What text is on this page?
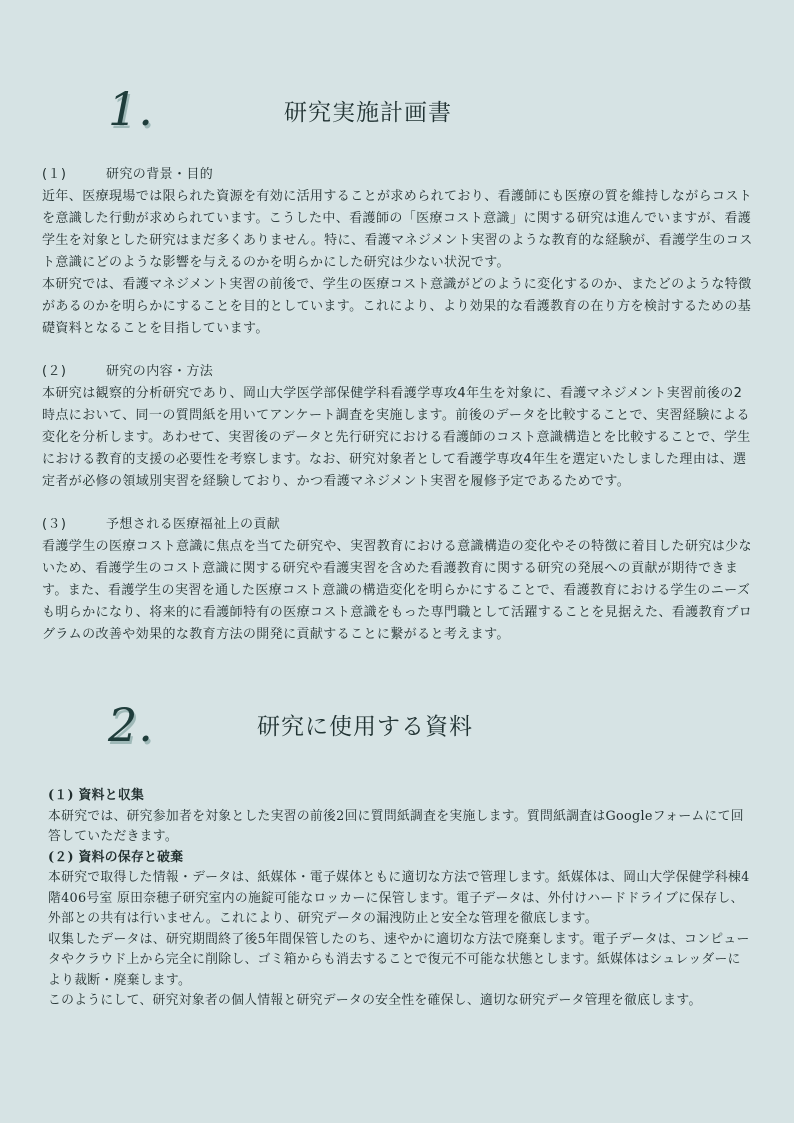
1.	研究実施計画書
(１)	研究の背景・目的

近年、医療現場では限られた資源を有効に活用することが求められており、看護師にも医療の質を維持しながらコストを意識した行動が求められています。こうした中、看護師の「医療コスト意識」に関する研究は進んでいますが、看護学生を対象とした研究はまだ多くありません。特に、看護マネジメント実習のような教育的な経験が、看護学生のコスト意識にどのような影響を与えるのかを明らかにした研究は少ない状況です。

本研究では、看護マネジメント実習の前後で、学生の医療コスト意識がどのように変化するのか、またどのような特徴があるのかを明らかにすることを目的としています。これにより、より効果的な看護教育の在り方を検討するための基礎資料となることを目指しています。

(２)	研究の内容・方法

本研究は観察的分析研究であり、岡山大学医学部保健学科看護学専攻4年生を対象に、看護マネジメント実習前後の2時点において、同一の質問紙を用いてアンケート調査を実施します。前後のデータを比較することで、実習経験による変化を分析します。あわせて、実習後のデータと先行研究における看護師のコスト意識構造とを比較することで、学生における教育的支援の必要性を考察します。なお、研究対象者として看護学専攻4年生を選定いたしました理由は、選定者が必修の領域別実習を経験しており、かつ看護マネジメント実習を履修予定であるためです。

(３)	予想される医療福祉上の貢献

看護学生の医療コスト意識に焦点を当てた研究や、実習教育における意識構造の変化やその特徴に着目した研究は少ないため、看護学生のコスト意識に関する研究や看護実習を含めた看護教育に関する研究の発展への貢献が期待できます。また、看護学生の実習を通した医療コスト意識の構造変化を明らかにすることで、看護教育における学生のニーズも明らかになり、将来的に看護師特有の医療コスト意識をもった専門職として活躍することを見据えた、看護教育プログラムの改善や効果的な教育方法の開発に貢献することに繋がると考えます。

2.	研究に使用する資料

(１) 資料と収集

本研究では、研究参加者を対象とした実習の前後2回に質問紙調査を実施します。質問紙調査はGoogleフォームにて回答していただきます。

(２) 資料の保存と破棄

本研究で取得した情報・データは、紙媒体・電子媒体ともに適切な方法で管理します。紙媒体は、岡山大学保健学科棟4階406号室 原田奈穂子研究室内の施錠可能なロッカーに保管します。電子データは、外付けハードドライブに保存し、外部との共有は行いません。これにより、研究データの漏洩防止と安全な管理を徹底します。

収集したデータは、研究期間終了後5年間保管したのち、速やかに適切な方法で廃棄します。電子データは、コンピュータやクラウド上から完全に削除し、ゴミ箱からも消去することで復元不可能な状態とします。紙媒体はシュレッダーにより裁断・廃棄します。

このようにして、研究対象者の個人情報と研究データの安全性を確保し、適切な研究データ管理を徹底します。
